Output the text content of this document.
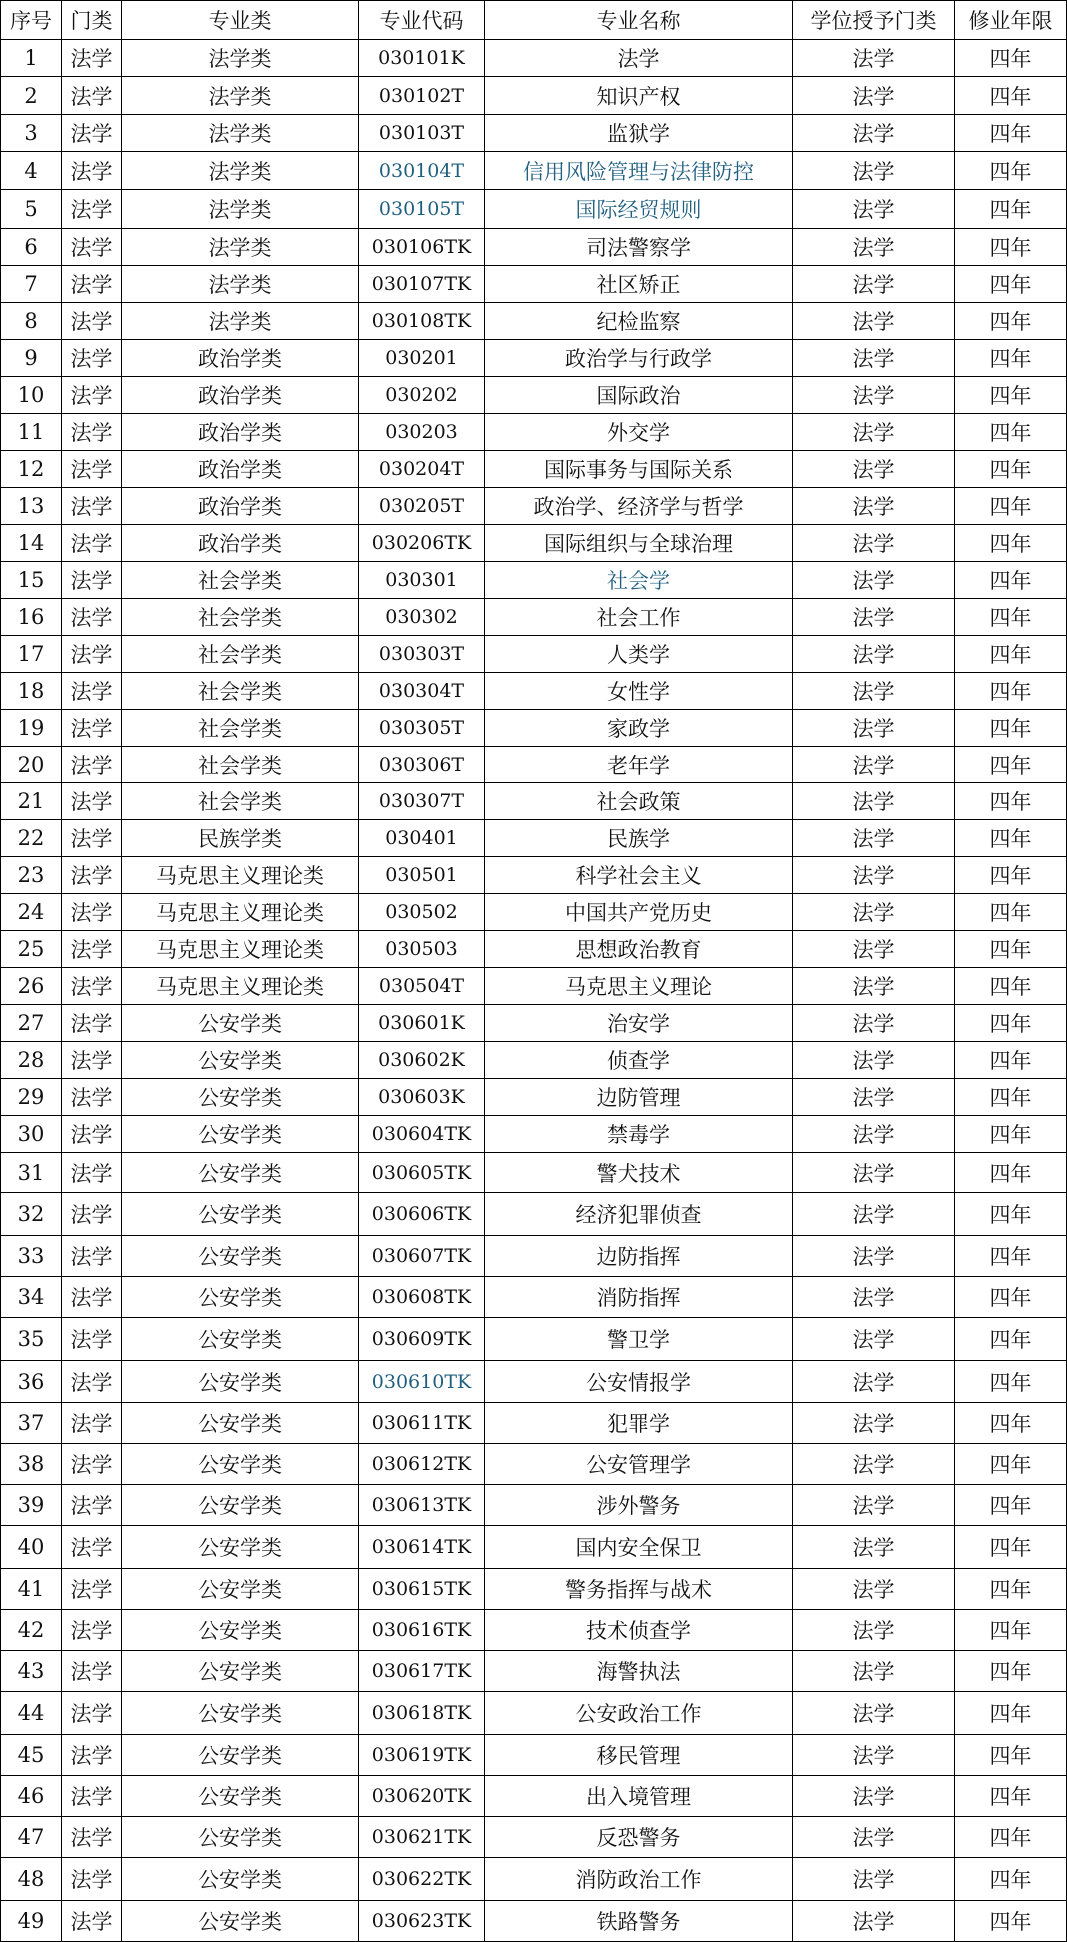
序号	门类	专业类	专业代码	专业名称	学位授予门类	修业年限
1	法学	法学类	030101K	法学	法学	四年
2	法学	法学类	030102T	知识产权	法学	四年
3	法学	法学类	030103T	监狱学	法学	四年
4	法学	法学类	030104T	信用风险管理与法律防控	法学	四年
5	法学	法学类	030105T	国际经贸规则	法学	四年
6	法学	法学类	030106TK	司法警察学	法学	四年
7	法学	法学类	030107TK	社区矫正	法学	四年
8	法学	法学类	030108TK	纪检监察	法学	四年
9	法学	政治学类	030201	政治学与行政学	法学	四年
10	法学	政治学类	030202	国际政治	法学	四年
11	法学	政治学类	030203	外交学	法学	四年
12	法学	政治学类	030204T	国际事务与国际关系	法学	四年
13	法学	政治学类	030205T	政治学、经济学与哲学	法学	四年
14	法学	政治学类	030206TK	国际组织与全球治理	法学	四年
15	法学	社会学类	030301	社会学	法学	四年
16	法学	社会学类	030302	社会工作	法学	四年
17	法学	社会学类	030303T	人类学	法学	四年
18	法学	社会学类	030304T	女性学	法学	四年
19	法学	社会学类	030305T	家政学	法学	四年
20	法学	社会学类	030306T	老年学	法学	四年
21	法学	社会学类	030307T	社会政策	法学	四年
22	法学	民族学类	030401	民族学	法学	四年
23	法学	马克思主义理论类	030501	科学社会主义	法学	四年
24	法学	马克思主义理论类	030502	中国共产党历史	法学	四年
25	法学	马克思主义理论类	030503	思想政治教育	法学	四年
26	法学	马克思主义理论类	030504T	马克思主义理论	法学	四年
27	法学	公安学类	030601K	治安学	法学	四年
28	法学	公安学类	030602K	侦查学	法学	四年
29	法学	公安学类	030603K	边防管理	法学	四年
30	法学	公安学类	030604TK	禁毒学	法学	四年
31	法学	公安学类	030605TK	警犬技术	法学	四年
32	法学	公安学类	030606TK	经济犯罪侦查	法学	四年
33	法学	公安学类	030607TK	边防指挥	法学	四年
34	法学	公安学类	030608TK	消防指挥	法学	四年
35	法学	公安学类	030609TK	警卫学	法学	四年
36	法学	公安学类	030610TK	公安情报学	法学	四年
37	法学	公安学类	030611TK	犯罪学	法学	四年
38	法学	公安学类	030612TK	公安管理学	法学	四年
39	法学	公安学类	030613TK	涉外警务	法学	四年
40	法学	公安学类	030614TK	国内安全保卫	法学	四年
41	法学	公安学类	030615TK	警务指挥与战术	法学	四年
42	法学	公安学类	030616TK	技术侦查学	法学	四年
43	法学	公安学类	030617TK	海警执法	法学	四年
44	法学	公安学类	030618TK	公安政治工作	法学	四年
45	法学	公安学类	030619TK	移民管理	法学	四年
46	法学	公安学类	030620TK	出入境管理	法学	四年
47	法学	公安学类	030621TK	反恐警务	法学	四年
48	法学	公安学类	030622TK	消防政治工作	法学	四年
49	法学	公安学类	030623TK	铁路警务	法学	四年
